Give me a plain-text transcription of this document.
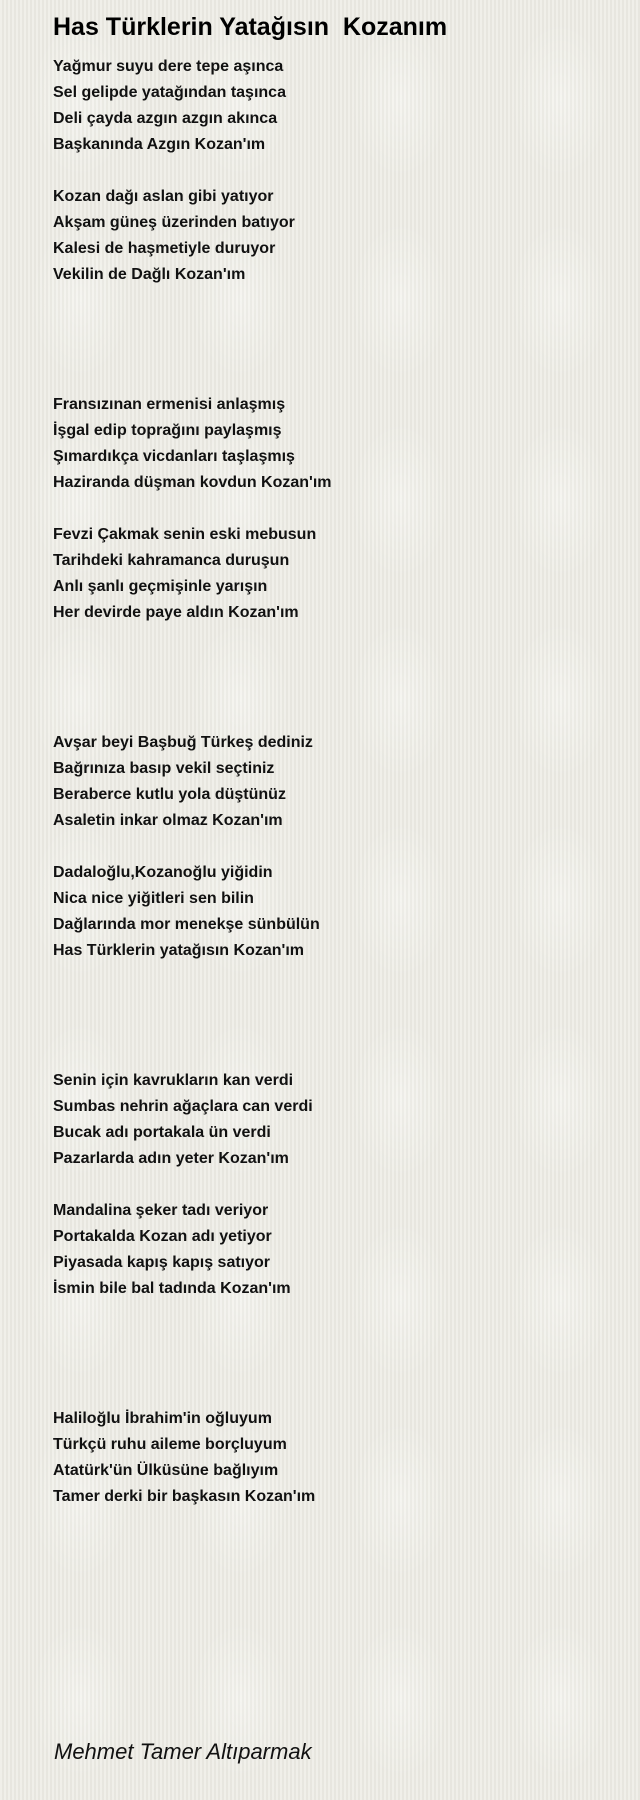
Has Türklerin Yatağısın  Kozanım
Yağmur suyu dere tepe aşınca
Sel gelipde yatağından taşınca
Deli çayda azgın azgın akınca
Başkanında Azgın Kozan'ım
Kozan dağı aslan gibi yatıyor
Akşam güneş üzerinden batıyor
Kalesi de haşmetiyle duruyor
Vekilin de Dağlı Kozan'ım
Fransızınan ermenisi anlaşmış
İşgal edip toprağını paylaşmış
Şımardıkça vicdanları taşlaşmış
Haziranda düşman kovdun Kozan'ım
Fevzi Çakmak senin eski mebusun
Tarihdeki kahramanca duruşun
Anlı şanlı geçmişinle yarışın
Her devirde paye aldın Kozan'ım
Avşar beyi Başbuğ Türkeş dediniz
Bağrınıza basıp vekil seçtiniz
Beraberce kutlu yola düştünüz
Asaletin inkar olmaz Kozan'ım
Dadaloğlu,Kozanoğlu yiğidin
Nica nice yiğitleri sen bilin
Dağlarında mor menekşe sünbülün
Has Türklerin yatağısın Kozan'ım
Senin için kavrukların kan verdi
Sumbas nehrin ağaçlara can verdi
Bucak adı portakala ün verdi
Pazarlarda adın yeter Kozan'ım
Mandalina şeker tadı veriyor
Portakalda Kozan adı yetiyor
Piyasada kapış kapış satıyor
İsmin bile bal tadında Kozan'ım
Haliloğlu İbrahim'in oğluyum
Türkçü ruhu aileme borçluyum
Atatürk'ün Ülküsüne bağlıyım
Tamer derki bir başkasın Kozan'ım
Mehmet Tamer Altıparmak
